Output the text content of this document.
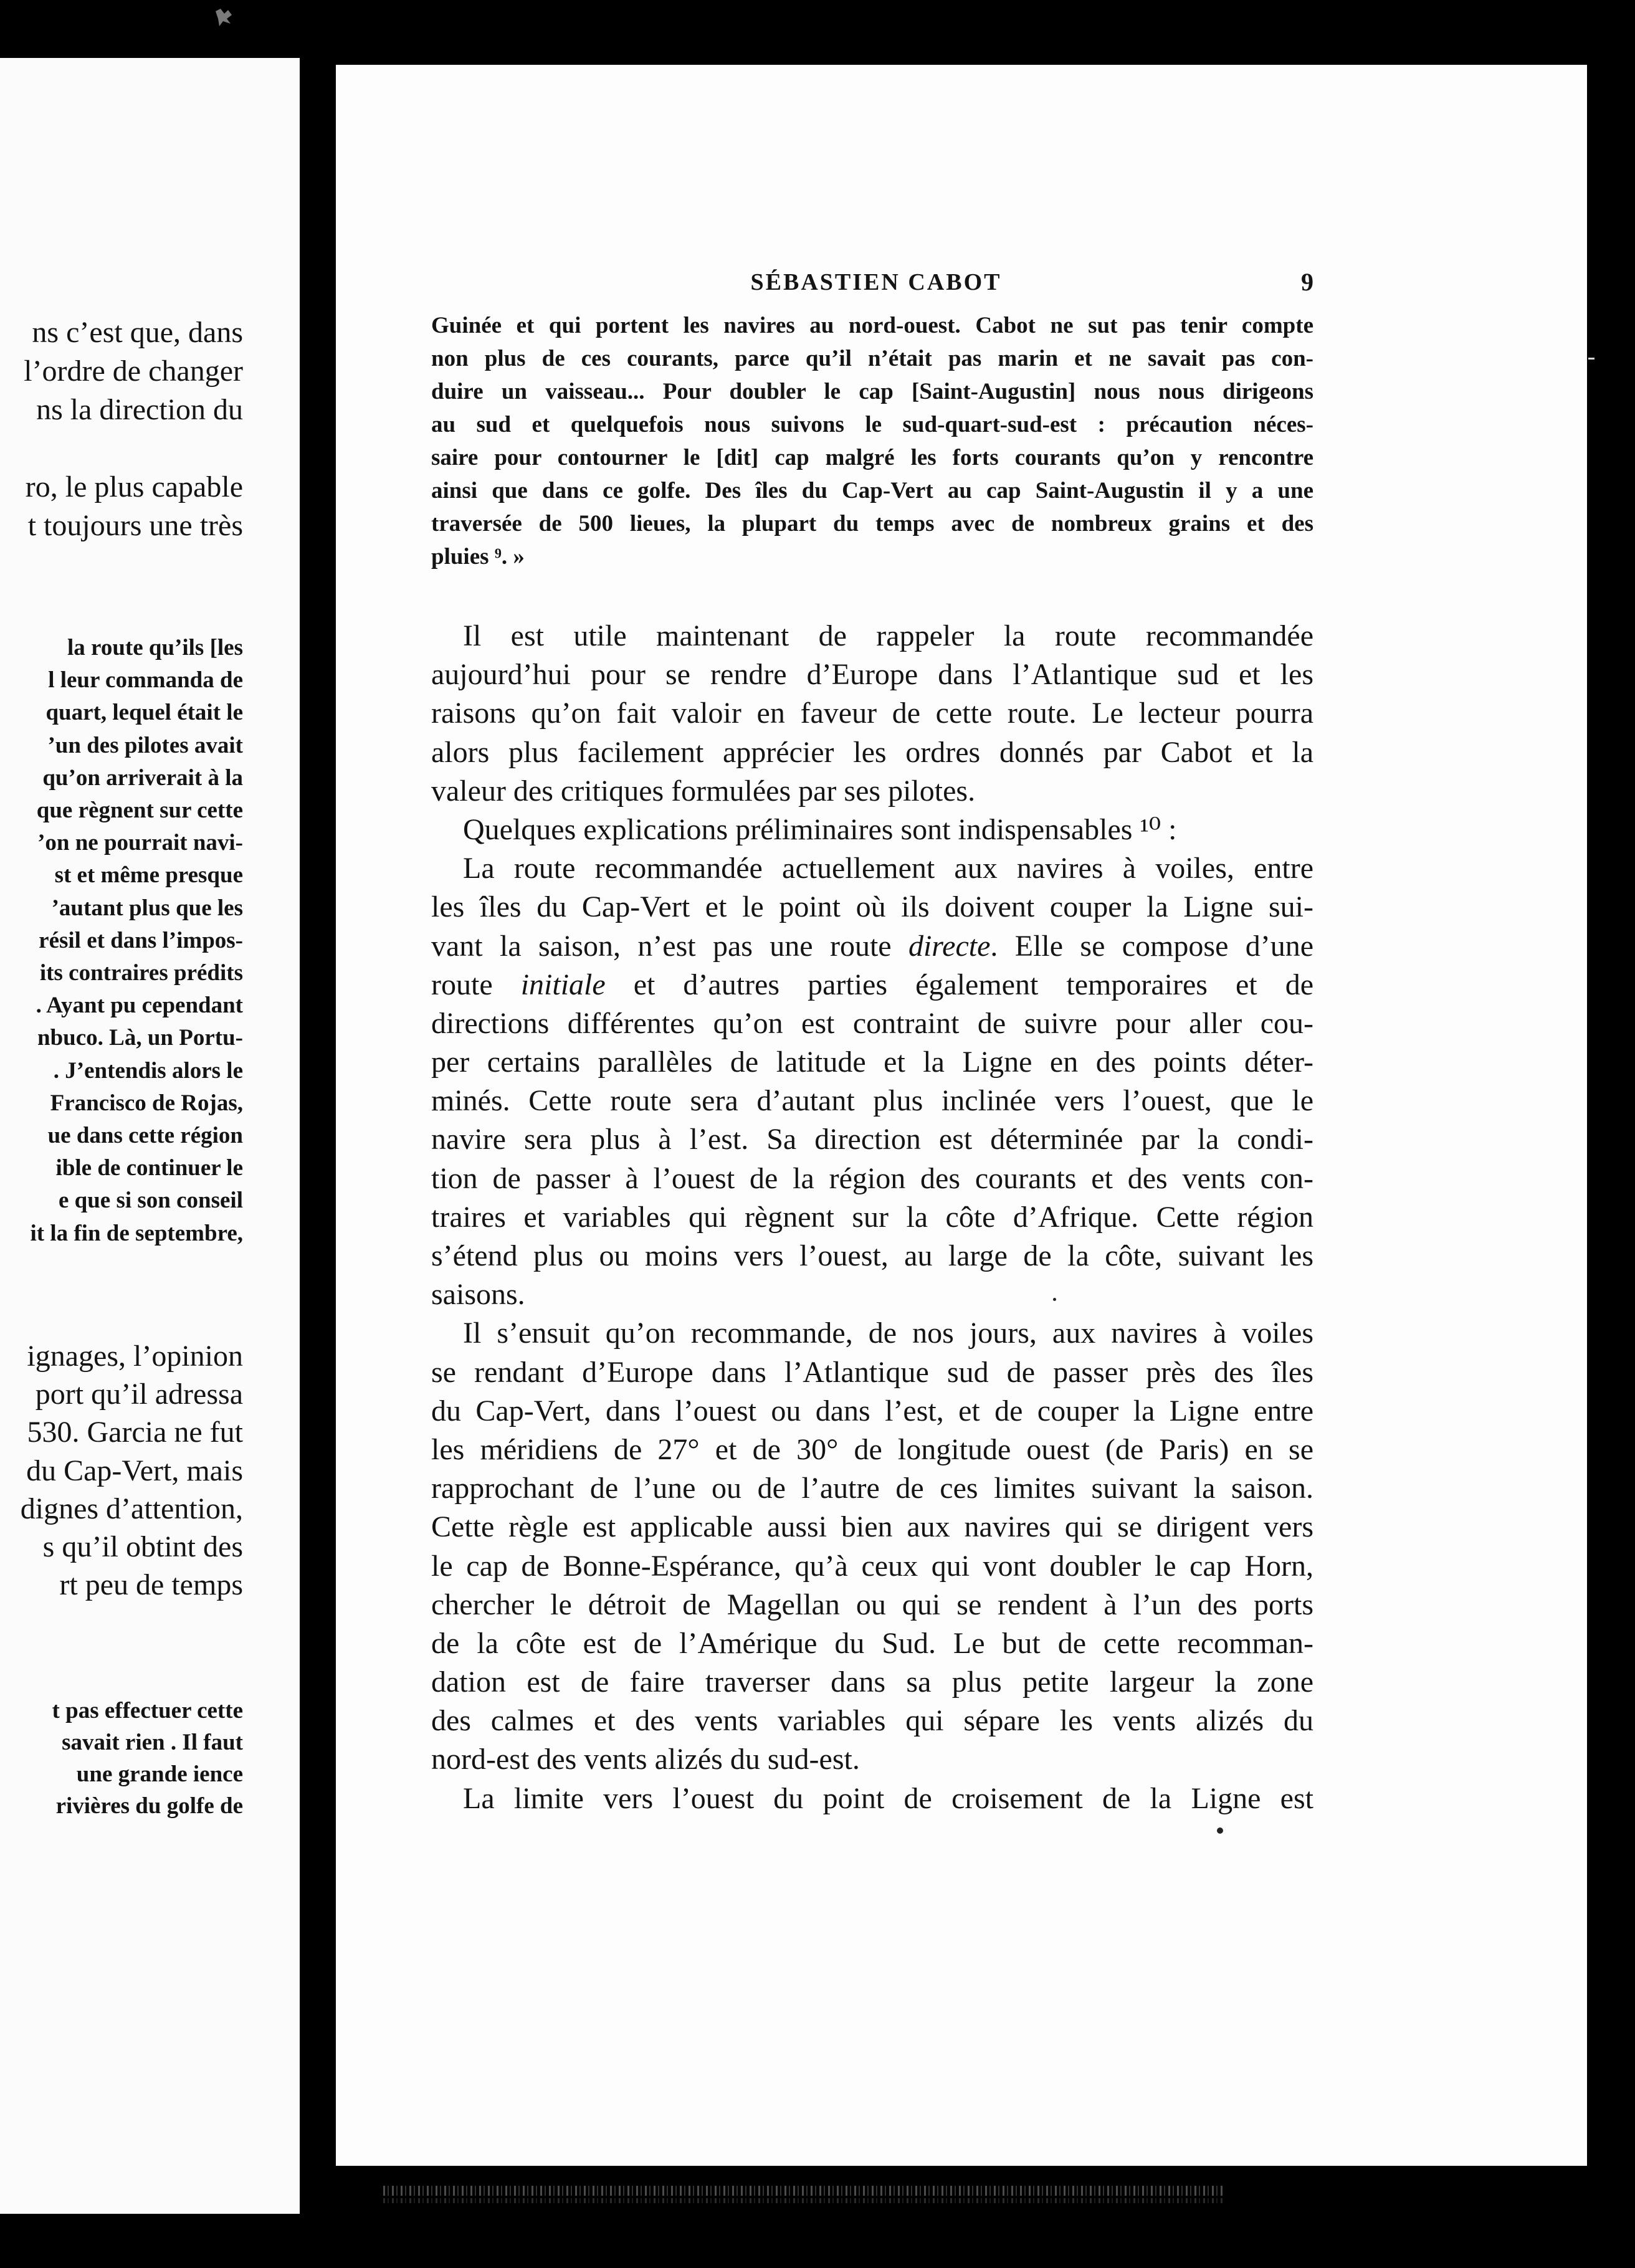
ns c’est que, dans
l’ordre de changer
ns la direction du
ro, le plus capable
t toujours une très
la route qu’ils [les
l leur commanda de
quart, lequel était le
’un des pilotes avait
qu’on arriverait à la
que règnent sur cette
’on ne pourrait navi-
st et même presque
’autant plus que les
résil et dans l’impos-
its contraires prédits
. Ayant pu cependant
nbuco. Là, un Portu-
. J’entendis alors le
Francisco de Rojas,
ue dans cette région
ible de continuer le
e que si son conseil
it la fin de septembre,
ignages, l’opinion
port qu’il adressa
530. Garcia ne fut
du Cap-Vert, mais
dignes d’attention,
s qu’il obtint des
rt peu de temps
t pas effectuer cette
savait rien . Il faut
une grande ience
rivières du golfe de
SÉBASTIEN CABOT	9
Guinée et qui portent les navires au nord-ouest. Cabot ne sut pas tenir compte
non plus de ces courants, parce qu’il n’était pas marin et ne savait pas con-
duire un vaisseau... Pour doubler le cap [Saint-Augustin] nous nous dirigeons
au sud et quelquefois nous suivons le sud-quart-sud-est : précaution néces-
saire pour contourner le [dit] cap malgré les forts courants qu’on y rencontre
ainsi que dans ce golfe. Des îles du Cap-Vert au cap Saint-Augustin il y a une
traversée de 500 lieues, la plupart du temps avec de nombreux grains et des
pluies ⁹. »
Il est utile maintenant de rappeler la route recommandée
aujourd’hui pour se rendre d’Europe dans l’Atlantique sud et les
raisons qu’on fait valoir en faveur de cette route. Le lecteur pourra
alors plus facilement apprécier les ordres donnés par Cabot et la
valeur des critiques formulées par ses pilotes.
Quelques explications préliminaires sont indispensables ¹⁰ :
La route recommandée actuellement aux navires à voiles, entre
les îles du Cap-Vert et le point où ils doivent couper la Ligne sui-
vant la saison, n’est pas une route directe. Elle se compose d’une
route initiale et d’autres parties également temporaires et de
directions différentes qu’on est contraint de suivre pour aller cou-
per certains parallèles de latitude et la Ligne en des points déter-
minés. Cette route sera d’autant plus inclinée vers l’ouest, que le
navire sera plus à l’est. Sa direction est déterminée par la condi-
tion de passer à l’ouest de la région des courants et des vents con-
traires et variables qui règnent sur la côte d’Afrique. Cette région
s’étend plus ou moins vers l’ouest, au large de la côte, suivant les
saisons.
Il s’ensuit qu’on recommande, de nos jours, aux navires à voiles
se rendant d’Europe dans l’Atlantique sud de passer près des îles
du Cap-Vert, dans l’ouest ou dans l’est, et de couper la Ligne entre
les méridiens de 27° et de 30° de longitude ouest (de Paris) en se
rapprochant de l’une ou de l’autre de ces limites suivant la saison.
Cette règle est applicable aussi bien aux navires qui se dirigent vers
le cap de Bonne-Espérance, qu’à ceux qui vont doubler le cap Horn,
chercher le détroit de Magellan ou qui se rendent à l’un des ports
de la côte est de l’Amérique du Sud. Le but de cette recomman-
dation est de faire traverser dans sa plus petite largeur la zone
des calmes et des vents variables qui sépare les vents alizés du
nord-est des vents alizés du sud-est.
La limite vers l’ouest du point de croisement de la Ligne est
